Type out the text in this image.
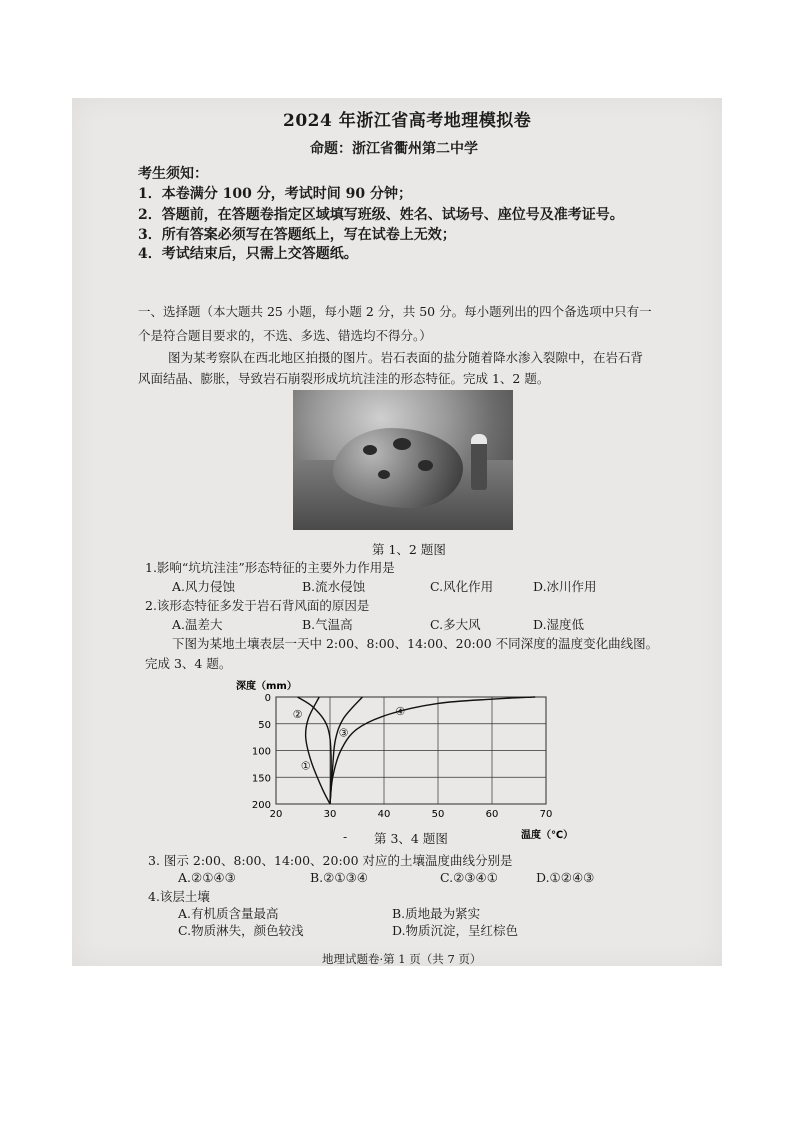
2024 年浙江省高考地理模拟卷
命题：浙江省衢州第二中学
考生须知：
1．本卷满分 100 分，考试时间 90 分钟；
2．答题前，在答题卷指定区域填写班级、姓名、试场号、座位号及准考证号。
3．所有答案必须写在答题纸上，写在试卷上无效；
4．考试结束后，只需上交答题纸。
一、选择题（本大题共 25 小题，每小题 2 分，共 50 分。每小题列出的四个备选项中只有一
个是符合题目要求的，不选、多选、错选均不得分。）
图为某考察队在西北地区拍摄的图片。岩石表面的盐分随着降水渗入裂隙中，在岩石背
风面结晶、膨胀，导致岩石崩裂形成坑坑洼洼的形态特征。完成 1、2 题。
第 1、2 题图
1.影响“坑坑洼洼”形态特征的主要外力作用是
A.风力侵蚀	B.流水侵蚀	C.风化作用	D.冰川作用
2.该形态特征多发于岩石背风面的原因是
A.温差大	B.气温高	C.多大风	D.湿度低
下图为某地土壤表层一天中 2:00、8:00、14:00、20:00 不同深度的温度变化曲线图。
完成 3、4 题。
20	30	40	50	60	70
0
50
100
150
200
深度（mm）
温度（℃）
①
②
③
④
- 第 3、4 题图
3. 图示 2:00、8:00、14:00、20:00 对应的土壤温度曲线分别是
A.②①④③	B.②①③④	C.②③④①	D.①②④③
4.该层土壤
A.有机质含量最高	B.质地最为紧实
C.物质淋失，颜色较浅	D.物质沉淀，呈红棕色
地理试题卷·第 1 页（共 7 页）
